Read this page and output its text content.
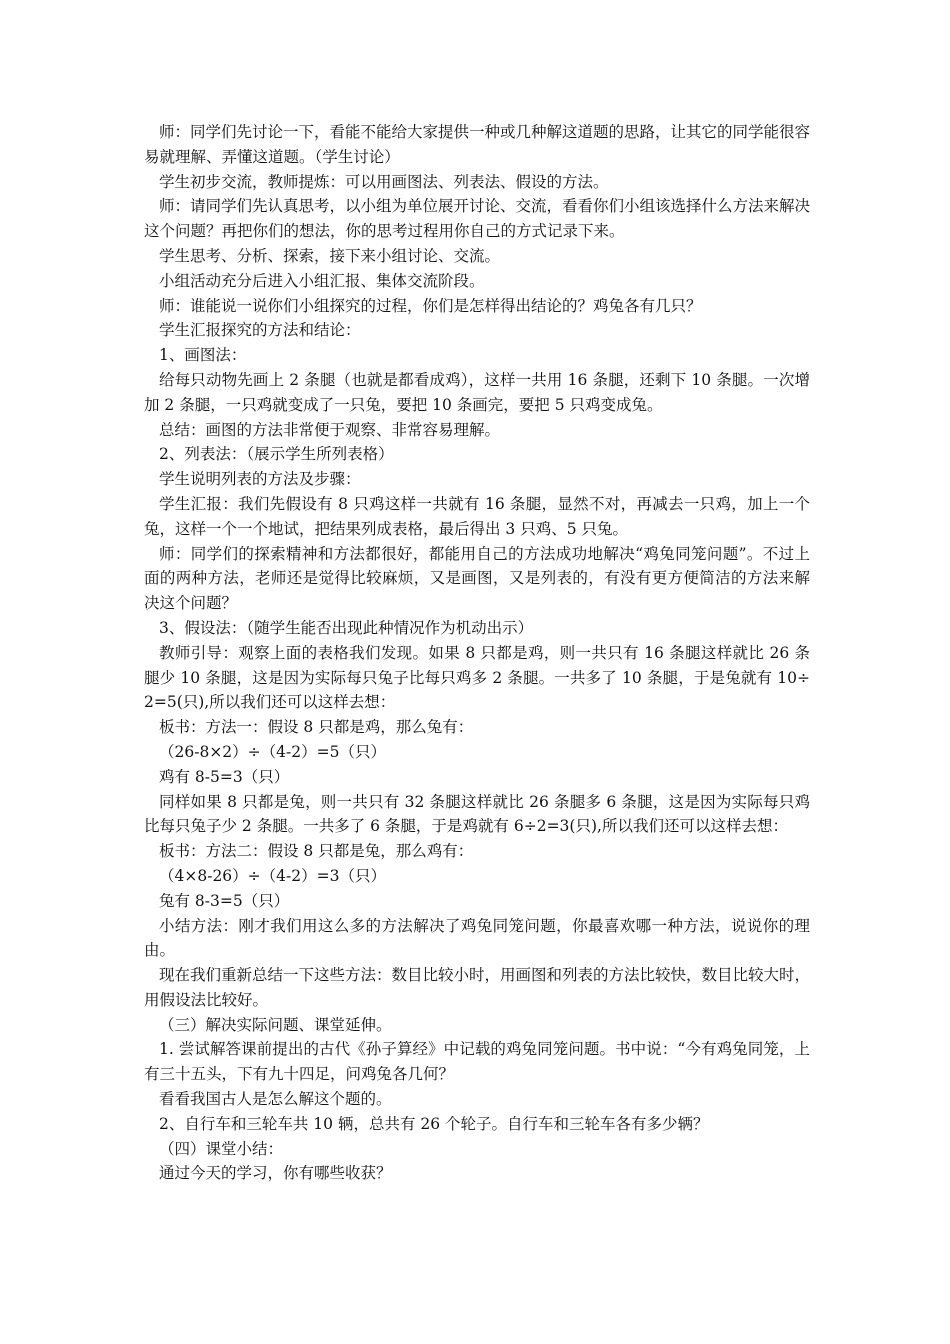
师：同学们先讨论一下，看能不能给大家提供一种或几种解这道题的思路，让其它的同学能很容易就理解、弄懂这道题。（学生讨论）

学生初步交流，教师提炼：可以用画图法、列表法、假设的方法。

师：请同学们先认真思考，以小组为单位展开讨论、交流，看看你们小组该选择什么方法来解决这个问题？再把你们的想法，你的思考过程用你自己的方式记录下来。

学生思考、分析、探索，接下来小组讨论、交流。

小组活动充分后进入小组汇报、集体交流阶段。

师：谁能说一说你们小组探究的过程，你们是怎样得出结论的？鸡兔各有几只？

学生汇报探究的方法和结论：

1、画图法：

给每只动物先画上 2 条腿（也就是都看成鸡），这样一共用 16 条腿，还剩下 10 条腿。一次增加 2 条腿，一只鸡就变成了一只兔，要把 10 条画完，要把 5 只鸡变成兔。

总结：画图的方法非常便于观察、非常容易理解。

2、列表法：（展示学生所列表格）

学生说明列表的方法及步骤：

学生汇报：我们先假设有 8 只鸡这样一共就有 16 条腿，显然不对，再减去一只鸡，加上一个兔，这样一个一个地试，把结果列成表格，最后得出 3 只鸡、5 只兔。

师：同学们的探索精神和方法都很好，都能用自己的方法成功地解决“鸡兔同笼问题”。不过上面的两种方法，老师还是觉得比较麻烦，又是画图，又是列表的，有没有更方便简洁的方法来解决这个问题？

3、假设法：（随学生能否出现此种情况作为机动出示）

教师引导：观察上面的表格我们发现。如果 8 只都是鸡，则一共只有 16 条腿这样就比 26 条腿少 10 条腿，这是因为实际每只兔子比每只鸡多 2 条腿。一共多了 10 条腿，于是兔就有 10÷2=5(只),所以我们还可以这样去想：

板书：方法一：假设 8 只都是鸡，那么兔有：

（26-8×2）÷（4-2）=5（只）

鸡有 8-5=3（只）

同样如果 8 只都是兔，则一共只有 32 条腿这样就比 26 条腿多 6 条腿，这是因为实际每只鸡比每只兔子少 2 条腿。一共多了 6 条腿，于是鸡就有 6÷2=3(只),所以我们还可以这样去想：

板书：方法二：假设 8 只都是兔，那么鸡有：

（4×8-26）÷（4-2）=3（只）

兔有 8-3=5（只）

小结方法：刚才我们用这么多的方法解决了鸡兔同笼问题，你最喜欢哪一种方法，说说你的理由。

现在我们重新总结一下这些方法：数目比较小时，用画图和列表的方法比较快，数目比较大时，用假设法比较好。

（三）解决实际问题、课堂延伸。

1. 尝试解答课前提出的古代《孙子算经》中记载的鸡兔同笼问题。书中说：“今有鸡兔同笼，上有三十五头，下有九十四足，问鸡兔各几何？

看看我国古人是怎么解这个题的。

2、自行车和三轮车共 10 辆，总共有 26 个轮子。自行车和三轮车各有多少辆？

（四）课堂小结：

通过今天的学习，你有哪些收获？
